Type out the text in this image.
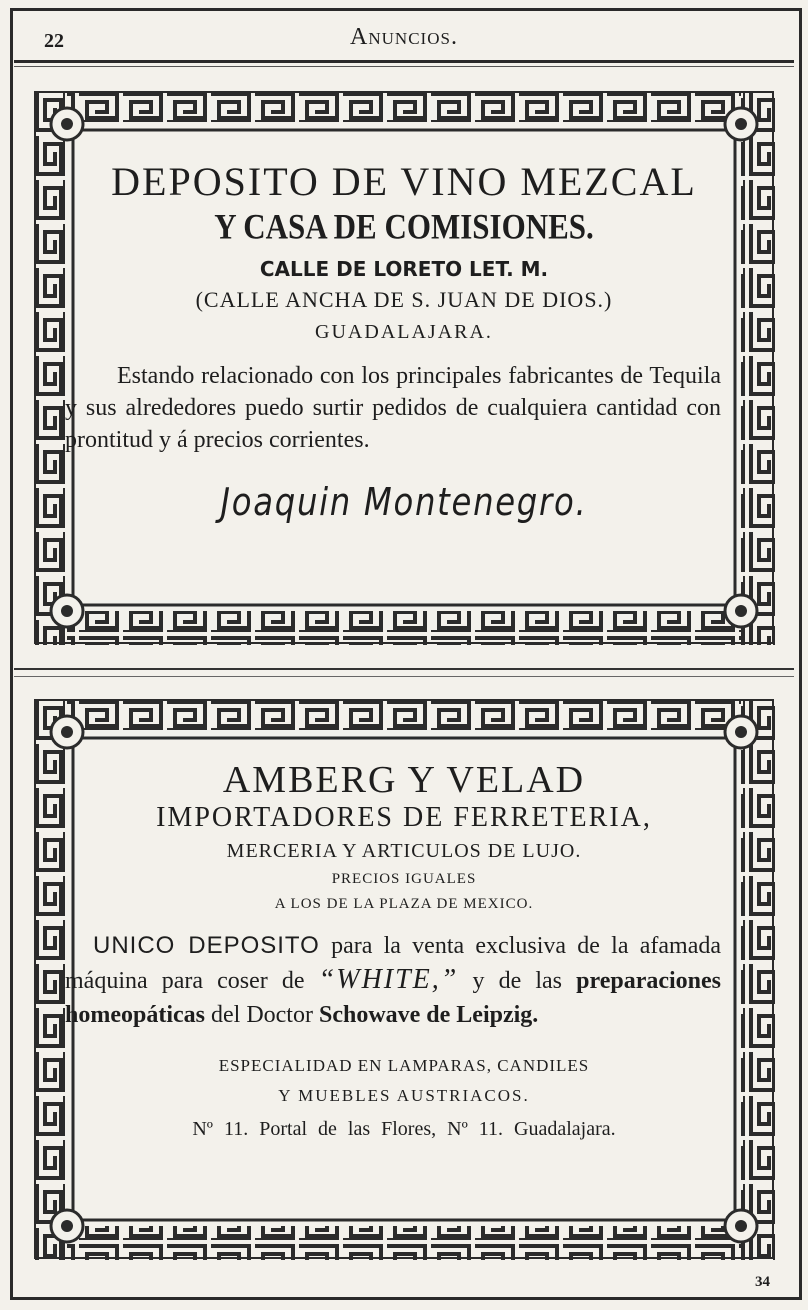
22	Anuncios.
DEPOSITO DE VINO MEZCAL
Y CASA DE COMISIONES.
CALLE DE LORETO LET. M.
(CALLE ANCHA DE S. JUAN DE DIOS.)
GUADALAJARA.

Estando relacionado con los principales fabricantes de Tequila y sus alrededores puedo surtir pedidos de cualquiera cantidad con prontitud y á precios corrientes.

Joaquin Montenegro.
AMBERG Y VELAD
IMPORTADORES DE FERRETERIA,
MERCERIA Y ARTICULOS DE LUJO.
PRECIOS IGUALES
A LOS DE LA PLAZA DE MEXICO.

UNICO DEPOSITO para la venta exclusiva de la afamada máquina para coser de “WHITE,” y de las preparaciones homeopáticas del Doctor Schowave de Leipzig.

ESPECIALIDAD EN LAMPARAS, CANDILES
Y MUEBLES AUSTRIACOS.
Nº 11. Portal de las Flores, Nº 11. Guadalajara.
34
